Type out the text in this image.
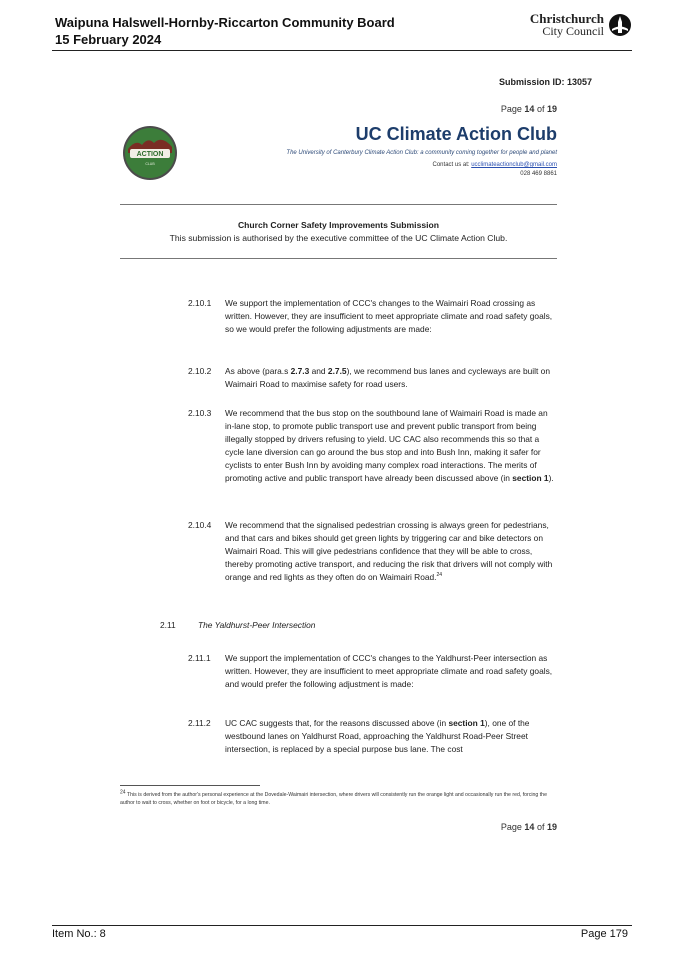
Waipuna Halswell-Hornby-Riccarton Community Board
15 February 2024
Christchurch
City Council
Submission ID: 13057
Page 14 of 19
ACTION
CLUB
UC Climate Action Club
The University of Canterbury Climate Action Club: a community coming together for people and planet
Contact us at: ucclimateactionclub@gmail.com
028 469 8861
Church Corner Safety Improvements Submission
This submission is authorised by the executive committee of the UC Climate Action Club.
2.10.1	We support the implementation of CCC's changes to the Waimairi Road crossing as written. However, they are insufficient to meet appropriate climate and road safety goals, so we would prefer the following adjustments are made:
2.10.2	As above (para.s 2.7.3 and 2.7.5), we recommend bus lanes and cycleways are built on Waimairi Road to maximise safety for road users.
2.10.3	We recommend that the bus stop on the southbound lane of Waimairi Road is made an in-lane stop, to promote public transport use and prevent public transport from being illegally stopped by drivers refusing to yield. UC CAC also recommends this so that a cycle lane diversion can go around the bus stop and into Bush Inn, making it safer for cyclists to enter Bush Inn by avoiding many complex road interactions. The merits of promoting active and public transport have already been discussed above (in section 1).
2.10.4	We recommend that the signalised pedestrian crossing is always green for pedestrians, and that cars and bikes should get green lights by triggering car and bike detectors on Waimairi Road. This will give pedestrians confidence that they will be able to cross, thereby promoting active transport, and reducing the risk that drivers will not comply with orange and red lights as they often do on Waimairi Road.$^{24}$
2.11	The Yaldhurst-Peer Intersection
2.11.1	We support the implementation of CCC's changes to the Yaldhurst-Peer intersection as written. However, they are insufficient to meet appropriate climate and road safety goals, and would prefer the following adjustment is made:
2.11.2	UC CAC suggests that, for the reasons discussed above (in section 1), one of the westbound lanes on Yaldhurst Road, approaching the Yaldhurst Road-Peer Street intersection, is replaced by a special purpose bus lane. The cost
$^{24}$ This is derived from the author's personal experience at the Dovedale-Waimairi intersection, where drivers will consistently run the orange light and occasionally run the red, forcing the author to wait to cross, whether on foot or bicycle, for a long time.
Page 14 of 19
Item No.: 8	Page 179
